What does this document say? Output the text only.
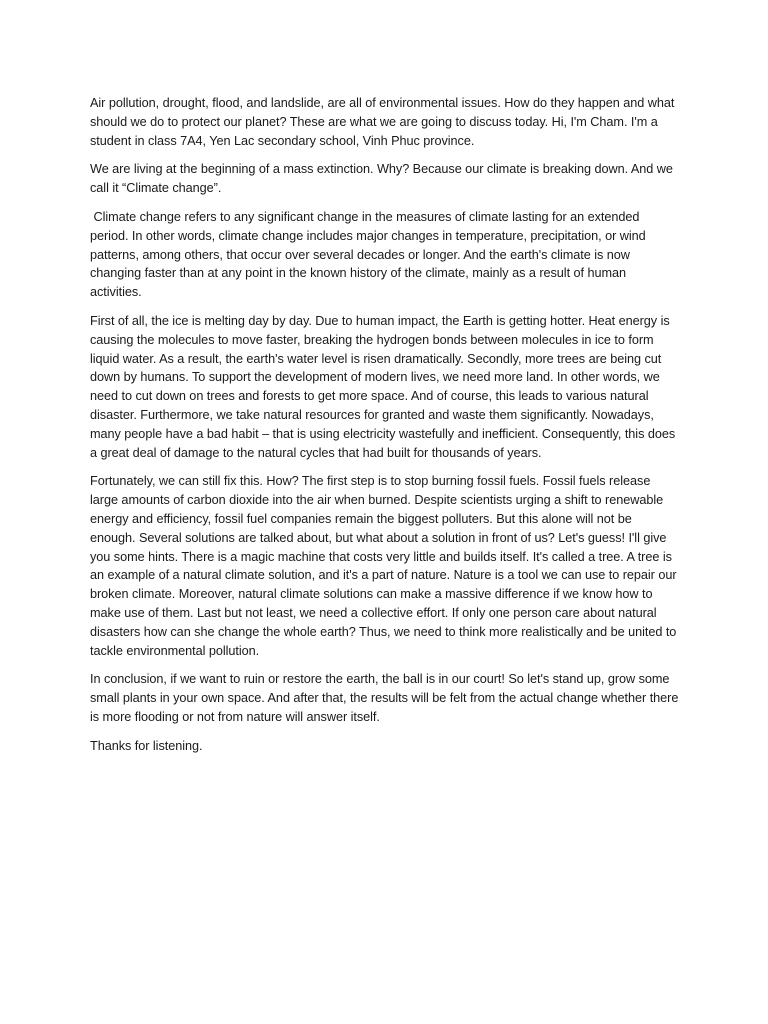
Air pollution, drought, flood, and landslide, are all of environmental issues. How do they happen and what should we do to protect our planet? These are what we are going to discuss today. Hi, I'm Cham. I'm a student in class 7A4, Yen Lac secondary school, Vinh Phuc province.

We are living at the beginning of a mass extinction. Why? Because our climate is breaking down. And we call it “Climate change”.

Climate change refers to any significant change in the measures of climate lasting for an extended period. In other words, climate change includes major changes in temperature, precipitation, or wind patterns, among others, that occur over several decades or longer. And the earth's climate is now changing faster than at any point in the known history of the climate, mainly as a result of human activities.

First of all, the ice is melting day by day. Due to human impact, the Earth is getting hotter. Heat energy is causing the molecules to move faster, breaking the hydrogen bonds between molecules in ice to form liquid water. As a result, the earth's water level is risen dramatically. Secondly, more trees are being cut down by humans. To support the development of modern lives, we need more land. In other words, we need to cut down on trees and forests to get more space. And of course, this leads to various natural disaster. Furthermore, we take natural resources for granted and waste them significantly. Nowadays, many people have a bad habit – that is using electricity wastefully and inefficient. Consequently, this does a great deal of damage to the natural cycles that had built for thousands of years.

Fortunately, we can still fix this. How? The first step is to stop burning fossil fuels. Fossil fuels release large amounts of carbon dioxide into the air when burned. Despite scientists urging a shift to renewable energy and efficiency, fossil fuel companies remain the biggest polluters. But this alone will not be enough. Several solutions are talked about, but what about a solution in front of us? Let's guess! I'll give you some hints. There is a magic machine that costs very little and builds itself. It's called a tree. A tree is an example of a natural climate solution, and it's a part of nature. Nature is a tool we can use to repair our broken climate. Moreover, natural climate solutions can make a massive difference if we know how to make use of them. Last but not least, we need a collective effort. If only one person care about natural disasters how can she change the whole earth? Thus, we need to think more realistically and be united to tackle environmental pollution.

In conclusion, if we want to ruin or restore the earth, the ball is in our court! So let's stand up, grow some small plants in your own space. And after that, the results will be felt from the actual change whether there is more flooding or not from nature will answer itself.

Thanks for listening.
